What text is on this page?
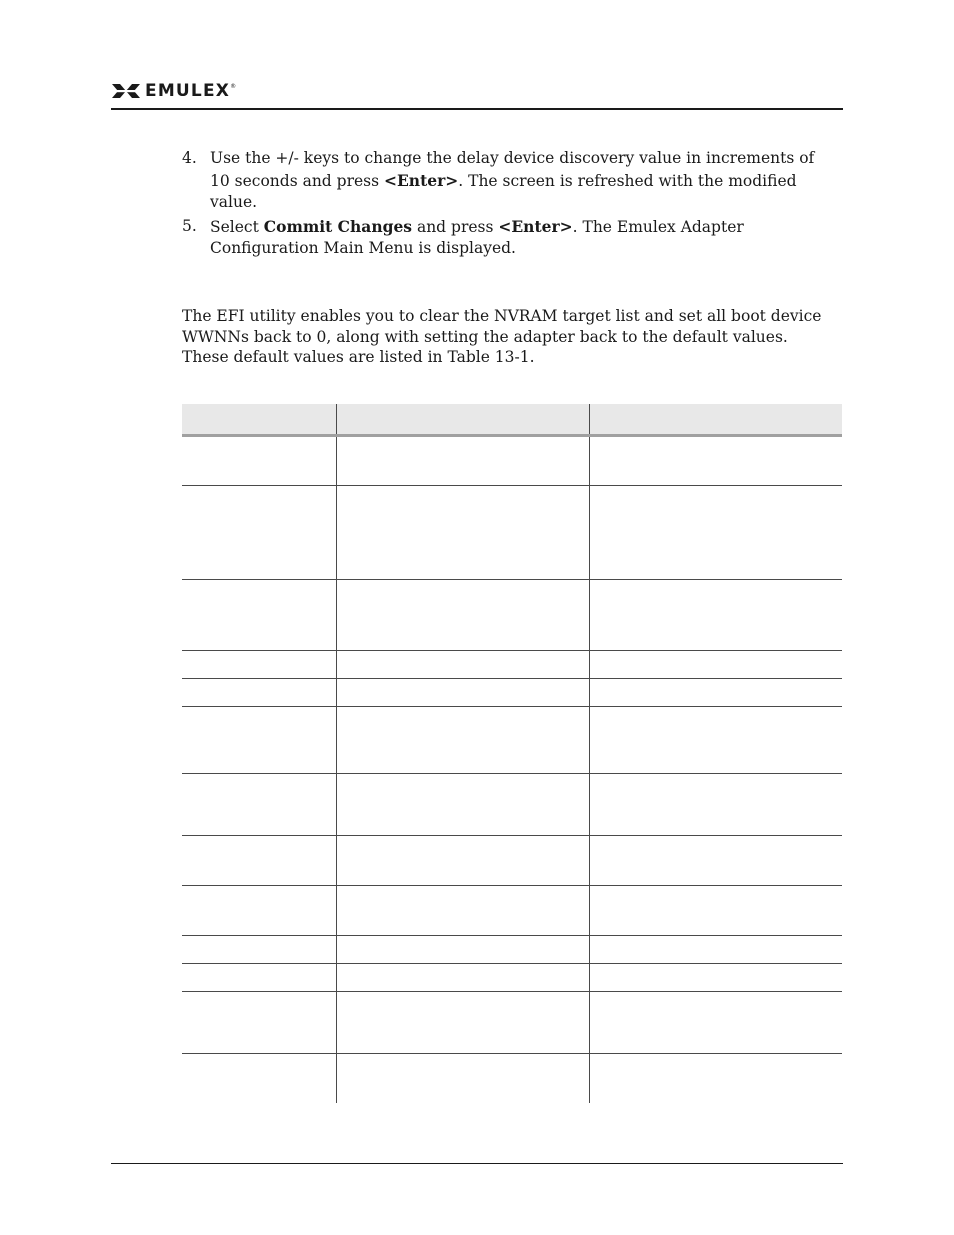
EMULEX ®
4. Use the +/- keys to change the delay device discovery value in increments of 10 seconds and press <Enter>. The screen is refreshed with the modified value.
5. Select Commit Changes and press <Enter>. The Emulex Adapter Configuration Main Menu is displayed.

The EFI utility enables you to clear the NVRAM target list and set all boot device WWNNs back to 0, along with setting the adapter back to the default values. These default values are listed in Table 13-1.
